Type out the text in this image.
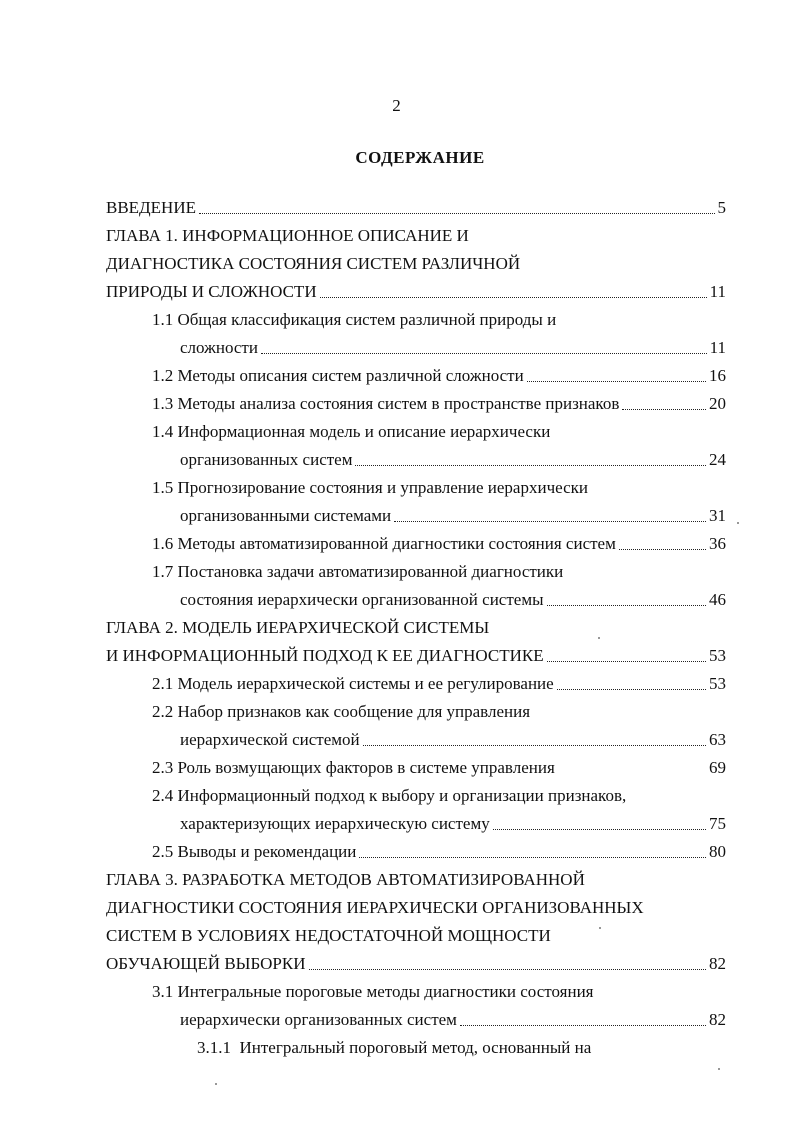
2
СОДЕРЖАНИЕ
ВВЕДЕНИЕ	5
ГЛАВА 1. ИНФОРМАЦИОННОЕ ОПИСАНИЕ И
ДИАГНОСТИКА СОСТОЯНИЯ СИСТЕМ РАЗЛИЧНОЙ
ПРИРОДЫ И СЛОЖНОСТИ	11
1.1 Общая классификация систем различной природы и
сложности	11
1.2 Методы описания систем различной сложности	16
1.3 Методы анализа состояния систем в пространстве признаков	20
1.4 Информационная модель и описание иерархически
организованных систем	24
1.5 Прогнозирование состояния и управление иерархически
организованными системами	31
1.6 Методы автоматизированной диагностики состояния систем	36
1.7 Постановка задачи автоматизированной диагностики
состояния иерархически организованной системы	46
ГЛАВА 2. МОДЕЛЬ ИЕРАРХИЧЕСКОЙ СИСТЕМЫ
И ИНФОРМАЦИОННЫЙ ПОДХОД К ЕЕ ДИАГНОСТИКЕ	53
2.1 Модель иерархической системы и ее регулирование	53
2.2 Набор признаков как сообщение для управления
иерархической системой	63
2.3 Роль возмущающих факторов в системе управления	69
2.4 Информационный подход к выбору и организации признаков,
характеризующих иерархическую систему	75
2.5 Выводы и рекомендации	80
ГЛАВА 3. РАЗРАБОТКА МЕТОДОВ АВТОМАТИЗИРОВАННОЙ
ДИАГНОСТИКИ СОСТОЯНИЯ ИЕРАРХИЧЕСКИ ОРГАНИЗОВАННЫХ
СИСТЕМ В УСЛОВИЯХ НЕДОСТАТОЧНОЙ МОЩНОСТИ
ОБУЧАЮЩЕЙ ВЫБОРКИ	82
3.1 Интегральные пороговые методы диагностики состояния
иерархически организованных систем	82
3.1.1  Интегральный пороговый метод, основанный на
